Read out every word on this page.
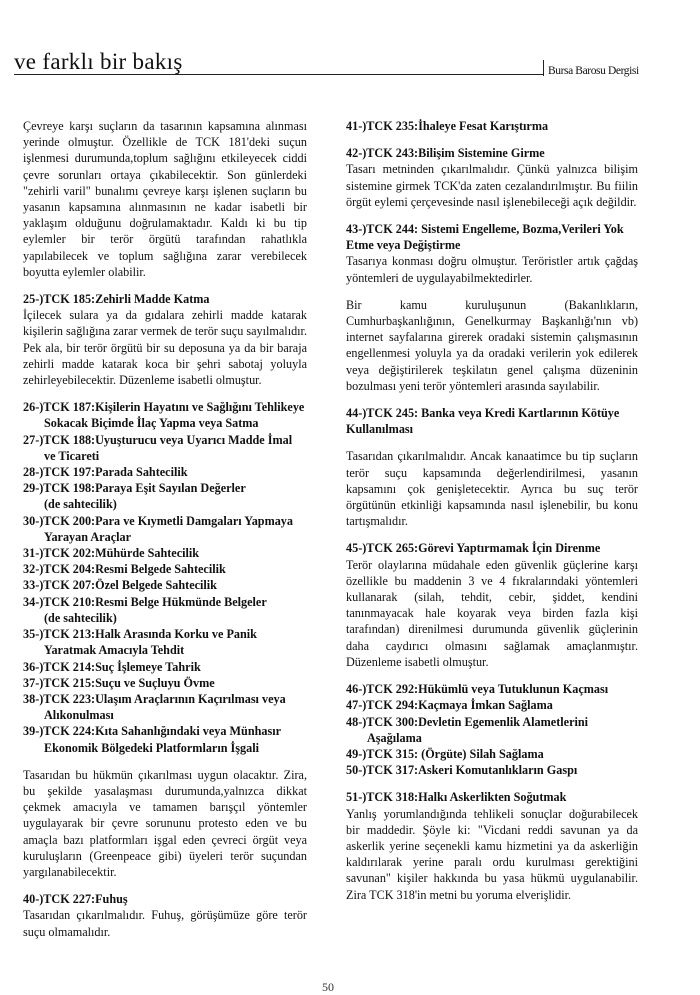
ve farklı bir bakış	Bursa Barosu Dergisi

Çevreye karşı suçların da tasarının kapsamına alınması yerinde olmuştur. Özellikle de TCK 181'deki suçun işlenmesi durumunda,toplum sağlığını etkileyecek ciddi çevre sorunları ortaya çıkabilecektir. Son günlerdeki "zehirli varil" bunalımı çevreye karşı işlenen suçların bu yasanın kapsamına alınmasının ne kadar isabetli bir yaklaşım olduğunu doğrulamaktadır. Kaldı ki bu tip eylemler bir terör örgütü tarafından rahatlıkla yapılabilecek ve toplum sağlığına zarar verebilecek boyutta eylemler olabilir.

25-)TCK 185:Zehirli Madde Katma

İçilecek sulara ya da gıdalara zehirli madde katarak kişilerin sağlığına zarar vermek de terör suçu sayılmalıdır. Pek ala, bir terör örgütü bir su deposuna ya da bir baraja zehirli madde katarak koca bir şehri sabotaj yoluyla zehirleyebilecektir. Düzenleme isabetli olmuştur.

26-)TCK 187:Kişilerin Hayatını ve Sağlığını Tehlikeye
Sokacak Biçimde İlaç Yapma veya Satma

27-)TCK 188:Uyuşturucu veya Uyarıcı Madde İmal
ve Ticareti

28-)TCK 197:Parada Sahtecilik

29-)TCK 198:Paraya Eşit Sayılan Değerler
(de sahtecilik)

30-)TCK 200:Para ve Kıymetli Damgaları Yapmaya
Yarayan Araçlar

31-)TCK 202:Mühürde Sahtecilik

32-)TCK 204:Resmi Belgede Sahtecilik

33-)TCK 207:Özel Belgede Sahtecilik

34-)TCK 210:Resmi Belge Hükmünde Belgeler
(de sahtecilik)

35-)TCK 213:Halk Arasında Korku ve Panik
Yaratmak Amacıyla Tehdit

36-)TCK 214:Suç İşlemeye Tahrik

37-)TCK 215:Suçu ve Suçluyu Övme

38-)TCK 223:Ulaşım Araçlarının Kaçırılması veya
Alıkonulması

39-)TCK 224:Kıta Sahanlığındaki veya Münhasır
Ekonomik Bölgedeki Platformların İşgali

Tasarıdan bu hükmün çıkarılması uygun olacaktır. Zira, bu şekilde yasalaşması durumunda,yalnızca dikkat çekmek amacıyla ve tamamen barışçıl yöntemler uygulayarak bir çevre sorununu protesto eden ve bu amaçla bazı platformları işgal eden çevreci örgüt veya kuruluşların (Greenpeace gibi) üyeleri terör suçundan yargılanabilecektir.

40-)TCK 227:Fuhuş

Tasarıdan çıkarılmalıdır. Fuhuş, görüşümüze göre terör suçu olmamalıdır.

41-)TCK 235:İhaleye Fesat Karıştırma

42-)TCK 243:Bilişim Sistemine Girme

Tasarı metninden çıkarılmalıdır. Çünkü yalnızca bilişim sistemine girmek TCK'da zaten cezalandırılmıştır. Bu fiilin örgüt eylemi çerçevesinde nasıl işlenebileceği açık değildir.

43-)TCK 244: Sistemi Engelleme, Bozma,Verileri Yok Etme veya Değiştirme

Tasarıya konması doğru olmuştur. Teröristler artık çağdaş yöntemleri de uygulayabilmektedirler.

Bir kamu kuruluşunun (Bakanlıkların, Cumhurbaşkanlığının, Genelkurmay Başkanlığı'nın vb) internet sayfalarına girerek oradaki sistemin çalışmasının engellenmesi yoluyla ya da oradaki verilerin yok edilerek veya değiştirilerek teşkilatın genel çalışma düzeninin bozulması yeni terör yöntemleri arasında sayılabilir.

44-)TCK 245: Banka veya Kredi Kartlarının Kötüye Kullanılması

Tasarıdan çıkarılmalıdır. Ancak kanaatimce bu tip suçların terör suçu kapsamında değerlendirilmesi, yasanın kapsamını çok genişletecektir. Ayrıca bu suç terör örgütünün etkinliği kapsamında nasıl işlenebilir, bu konu tartışmalıdır.

45-)TCK 265:Görevi Yaptırmamak İçin Direnme

Terör olaylarına müdahale eden güvenlik güçlerine karşı özellikle bu maddenin 3 ve 4 fıkralarındaki yöntemleri kullanarak (silah, tehdit, cebir, şiddet, kendini tanınmayacak hale koyarak veya birden fazla kişi tarafından) direnilmesi durumunda güvenlik güçlerinin daha caydırıcı olmasını sağlamak amaçlanmıştır. Düzenleme isabetli olmuştur.

46-)TCK 292:Hükümlü veya Tutuklunun Kaçması

47-)TCK 294:Kaçmaya İmkan Sağlama

48-)TCK 300:Devletin Egemenlik Alametlerini
Aşağılama

49-)TCK 315: (Örgüte) Silah Sağlama

50-)TCK 317:Askeri Komutanlıkların Gaspı

51-)TCK 318:Halkı Askerlikten Soğutmak

Yanlış yorumlandığında tehlikeli sonuçlar doğurabilecek bir maddedir. Şöyle ki: "Vicdani reddi savunan ya da askerlik yerine seçenekli kamu hizmetini ya da askerliğin kaldırılarak yerine paralı ordu kurulması gerektiğini savunan" kişiler hakkında bu yasa hükmü uygulanabilir. Zira TCK 318'in metni bu yoruma elverişlidir.

50
